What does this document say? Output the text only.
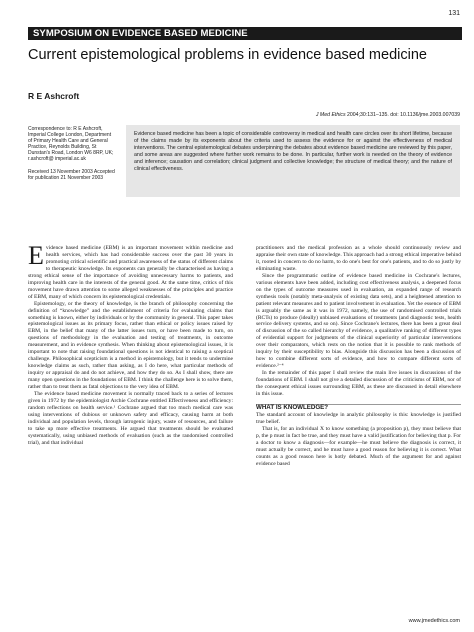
131
SYMPOSIUM ON EVIDENCE BASED MEDICINE
Current epistemological problems in evidence based medicine
R E Ashcroft
J Med Ethics 2004;30:131–135. doi: 10.1136/jme.2003.007039
Correspondence to: R E Ashcroft, Imperial College London, Department of Primary Health Care and General Practice, Reynolds Building, St Dunstan's Road, London W6 8RP, UK; r.ashcroft@ imperial.ac.uk
Received 13 November 2003 Accepted for publication 21 November 2003
Evidence based medicine has been a topic of considerable controversy in medical and health care circles over its short lifetime, because of the claims made by its exponents about the criteria used to assess the evidence for or against the effectiveness of medical interventions. The central epistemological debates underpinning the debates about evidence based medicine are reviewed by this paper, and some areas are suggested where further work remains to be done. In particular, further work is needed on the theory of evidence and inference; causation and correlation; clinical judgment and collective knowledge; the structure of medical theory; and the nature of clinical effectiveness.

Evidence based medicine (EBM) is an important movement within medicine and health services, which has had considerable success over the past 30 years in promoting critical scientific and practical awareness of the status of different claims to therapeutic knowledge. Its exponents can generally be characterised as having a strong ethical sense of the importance of avoiding unnecessary harms to patients, and improving health care in the interests of the general good. At the same time, critics of this movement have drawn attention to some alleged weaknesses of the principles and practice of EBM, many of which concern its epistemological credentials.

Epistemology, or the theory of knowledge, is the branch of philosophy concerning the definition of “knowledge” and the establishment of criteria for evaluating claims that something is known, either by individuals or by the community in general. This paper takes epistemological issues as its primary focus, rather than ethical or policy issues raised by EBM, in the belief that many of the latter issues turn, or have been made to turn, on questions of methodology in the evaluation and testing of treatments, in outcome measurement, and in evidence synthesis. When thinking about epistemological issues, it is important to note that raising foundational questions is not identical to raising a sceptical challenge. Philosophical scepticism is a method in epistemology, but it tends to undermine knowledge claims as such, rather than asking, as I do here, what particular methods of inquiry or appraisal do and do not achieve, and how they do so. As I shall show, there are many open questions in the foundations of EBM. I think the challenge here is to solve them, rather than to treat them as fatal objections to the very idea of EBM.

The evidence based medicine movement is normally traced back to a series of lectures given in 1972 by the epidemiologist Archie Cochrane entitled Effectiveness and efficiency: random reflections on health service.¹ Cochrane argued that too much medical care was using interventions of dubious or unknown safety and efficacy, causing harm at both individual and population levels, through iatrogenic injury, waste of resources, and failure to take up more effective treatments. He argued that treatments should be evaluated systematically, using unbiased methods of evaluation (such as the randomised controlled trial), and that individual

practitioners and the medical profession as a whole should continuously review and appraise their own state of knowledge. This approach had a strong ethical imperative behind it, rooted in concern to do no harm, to do one's best for one's patients, and to do so justly by eliminating waste.

Since the programmatic outline of evidence based medicine in Cochrane's lectures, various elements have been added, including cost effectiveness analysis, a deepened focus on the types of outcome measures used in evaluation, an expanded range of research synthesis tools (notably meta-analysis of existing data sets), and a heightened attention to patient relevant measures and to patient involvement in evaluation. Yet the essence of EBM is arguably the same as it was in 1972, namely, the use of randomised controlled trials (RCTs) to produce (ideally) unbiased evaluations of treatments (and diagnostic tests, health service delivery systems, and so on). Since Cochrane's lectures, there has been a great deal of discussion of the so called hierarchy of evidence, a qualitative ranking of different types of evidential support for judgments of the clinical superiority of particular interventions over their comparators, which rests on the notion that it is possible to rank methods of inquiry by their susceptibility to bias. Alongside this discussion has been a discussion of how to combine different sorts of evidence, and how to compare different sorts of evidence.²⁻⁴

In the remainder of this paper I shall review the main live issues in discussions of the foundations of EBM. I shall not give a detailed discussion of the criticisms of EBM, nor of the consequent ethical issues surrounding EBM, as these are discussed in detail elsewhere in this issue.

WHAT IS KNOWLEDGE?

The standard account of knowledge in analytic philosophy is this: knowledge is justified true belief.

That is, for an individual X to know something (a proposition p), they must believe that p, the p must in fact be true, and they must have a valid justification for believing that p. For a doctor to know a diagnosis—for example—he must believe the diagnosis is correct, it must actually be correct, and he must have a good reason for believing it is correct. What counts as a good reason here is hotly debated. Much of the argument for and against evidence based

www.jmedethics.com
